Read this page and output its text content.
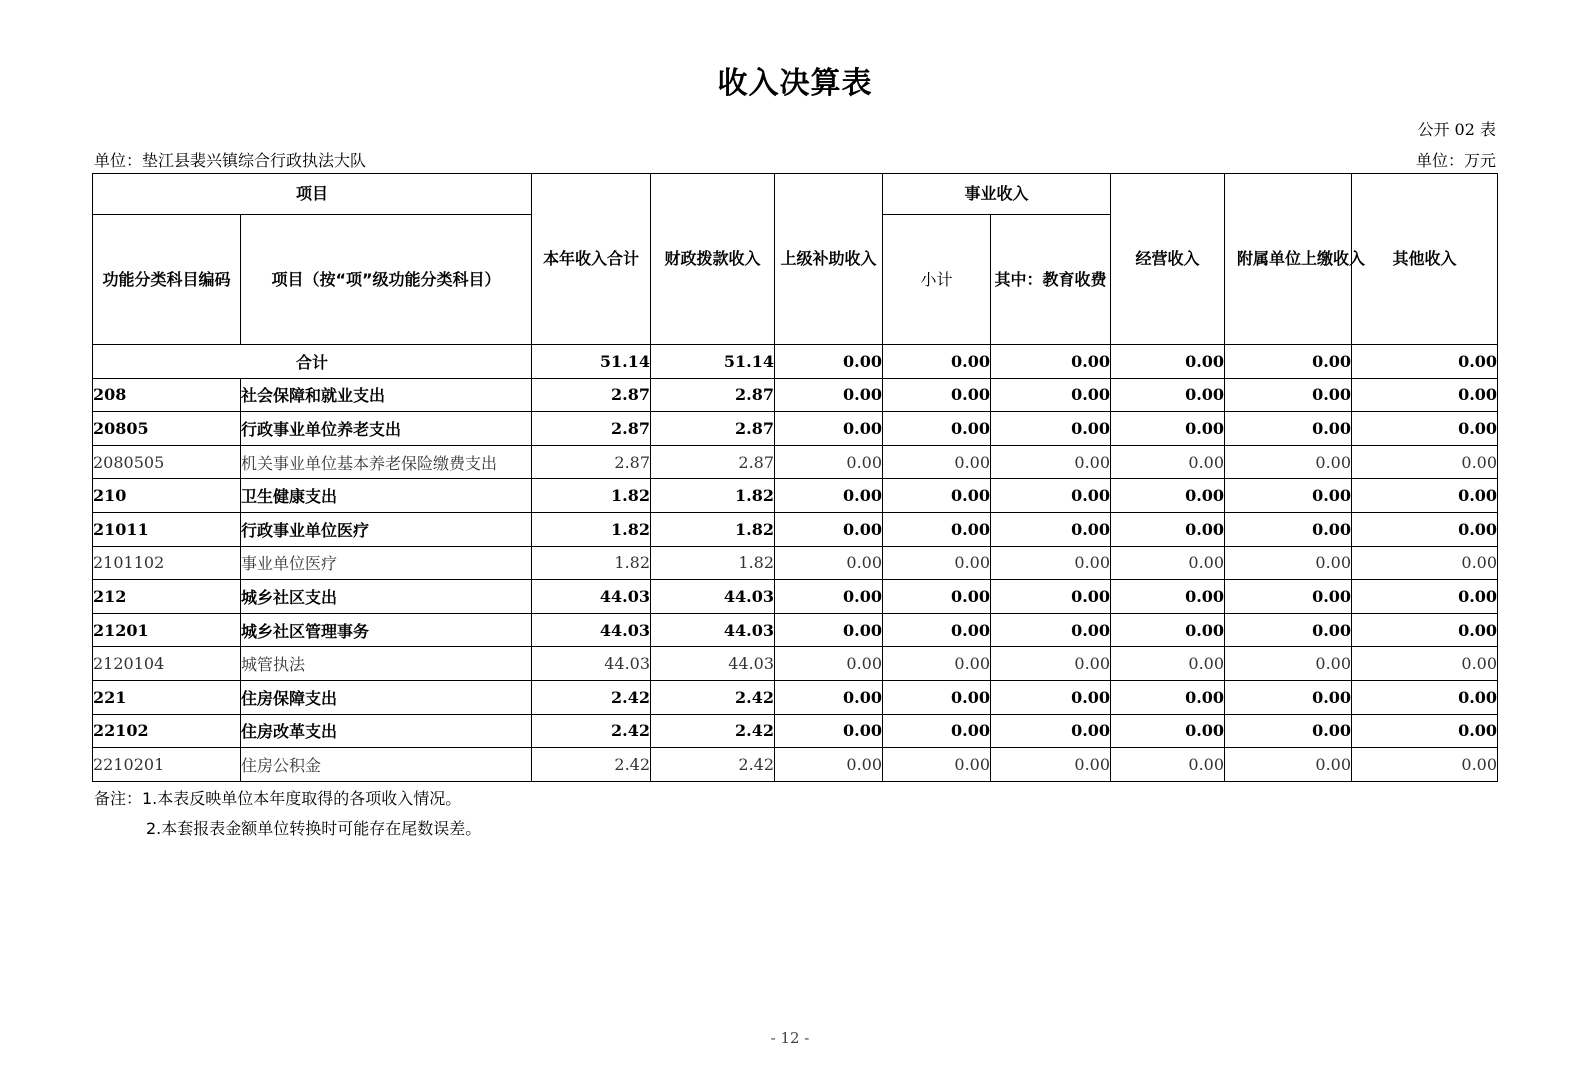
收入决算表
公开 02 表
单位：垫江县裴兴镇综合行政执法大队	单位：万元
项目		本年收入合计	财政拨款收入	上级补助收入	事业收入		经营收入	附属单位上缴收入	其他收入
功能分类科目编码	项目（按“项”级功能分类科目）				小计	其中：教育收费			
合计		51.14	51.14	0.00	0.00	0.00	0.00	0.00	0.00
208	社会保障和就业支出	2.87	2.87	0.00	0.00	0.00	0.00	0.00	0.00
20805	行政事业单位养老支出	2.87	2.87	0.00	0.00	0.00	0.00	0.00	0.00
2080505	机关事业单位基本养老保险缴费支出	2.87	2.87	0.00	0.00	0.00	0.00	0.00	0.00
210	卫生健康支出	1.82	1.82	0.00	0.00	0.00	0.00	0.00	0.00
21011	行政事业单位医疗	1.82	1.82	0.00	0.00	0.00	0.00	0.00	0.00
2101102	事业单位医疗	1.82	1.82	0.00	0.00	0.00	0.00	0.00	0.00
212	城乡社区支出	44.03	44.03	0.00	0.00	0.00	0.00	0.00	0.00
21201	城乡社区管理事务	44.03	44.03	0.00	0.00	0.00	0.00	0.00	0.00
2120104	城管执法	44.03	44.03	0.00	0.00	0.00	0.00	0.00	0.00
221	住房保障支出	2.42	2.42	0.00	0.00	0.00	0.00	0.00	0.00
22102	住房改革支出	2.42	2.42	0.00	0.00	0.00	0.00	0.00	0.00
2210201	住房公积金	2.42	2.42	0.00	0.00	0.00	0.00	0.00	0.00
备注：1.本表反映单位本年度取得的各项收入情况。
2.本套报表金额单位转换时可能存在尾数误差。
- 12 -
